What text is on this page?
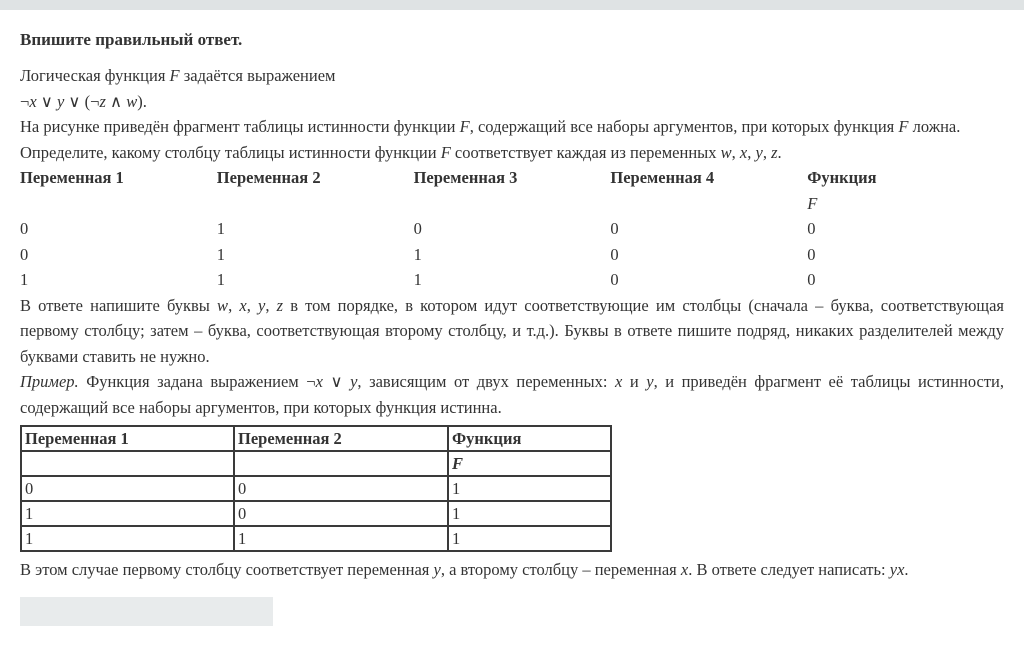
Впишите правильный ответ.

Логическая функция F задаётся выражением

¬x ∨ y ∨ (¬z ∧ w).

На рисунке приведён фрагмент таблицы истинности функции F, содержащий все наборы аргументов, при которых функция F ложна.

Определите, какому столбцу таблицы истинности функции F соответствует каждая из переменных w, x, y, z.

Переменная 1	Переменная 2	Переменная 3	Переменная 4	Функция
				F
0	1	0	0	0
0	1	1	0	0
1	1	1	0	0

В ответе напишите буквы w, x, y, z в том порядке, в котором идут соответствующие им столбцы (сначала – буква, соответствующая первому столбцу; затем – буква, соответствующая второму столбцу, и т.д.). Буквы в ответе пишите подряд, никаких разделителей между буквами ставить не нужно.

Пример. Функция задана выражением ¬x ∨ y, зависящим от двух переменных: x и y, и приведён фрагмент её таблицы истинности, содержащий все наборы аргументов, при которых функция истинна.

Переменная 1	Переменная 2	Функция
		F
0	0	1
1	0	1
1	1	1

В этом случае первому столбцу соответствует переменная y, а второму столбцу – переменная x. В ответе следует написать: yx.
